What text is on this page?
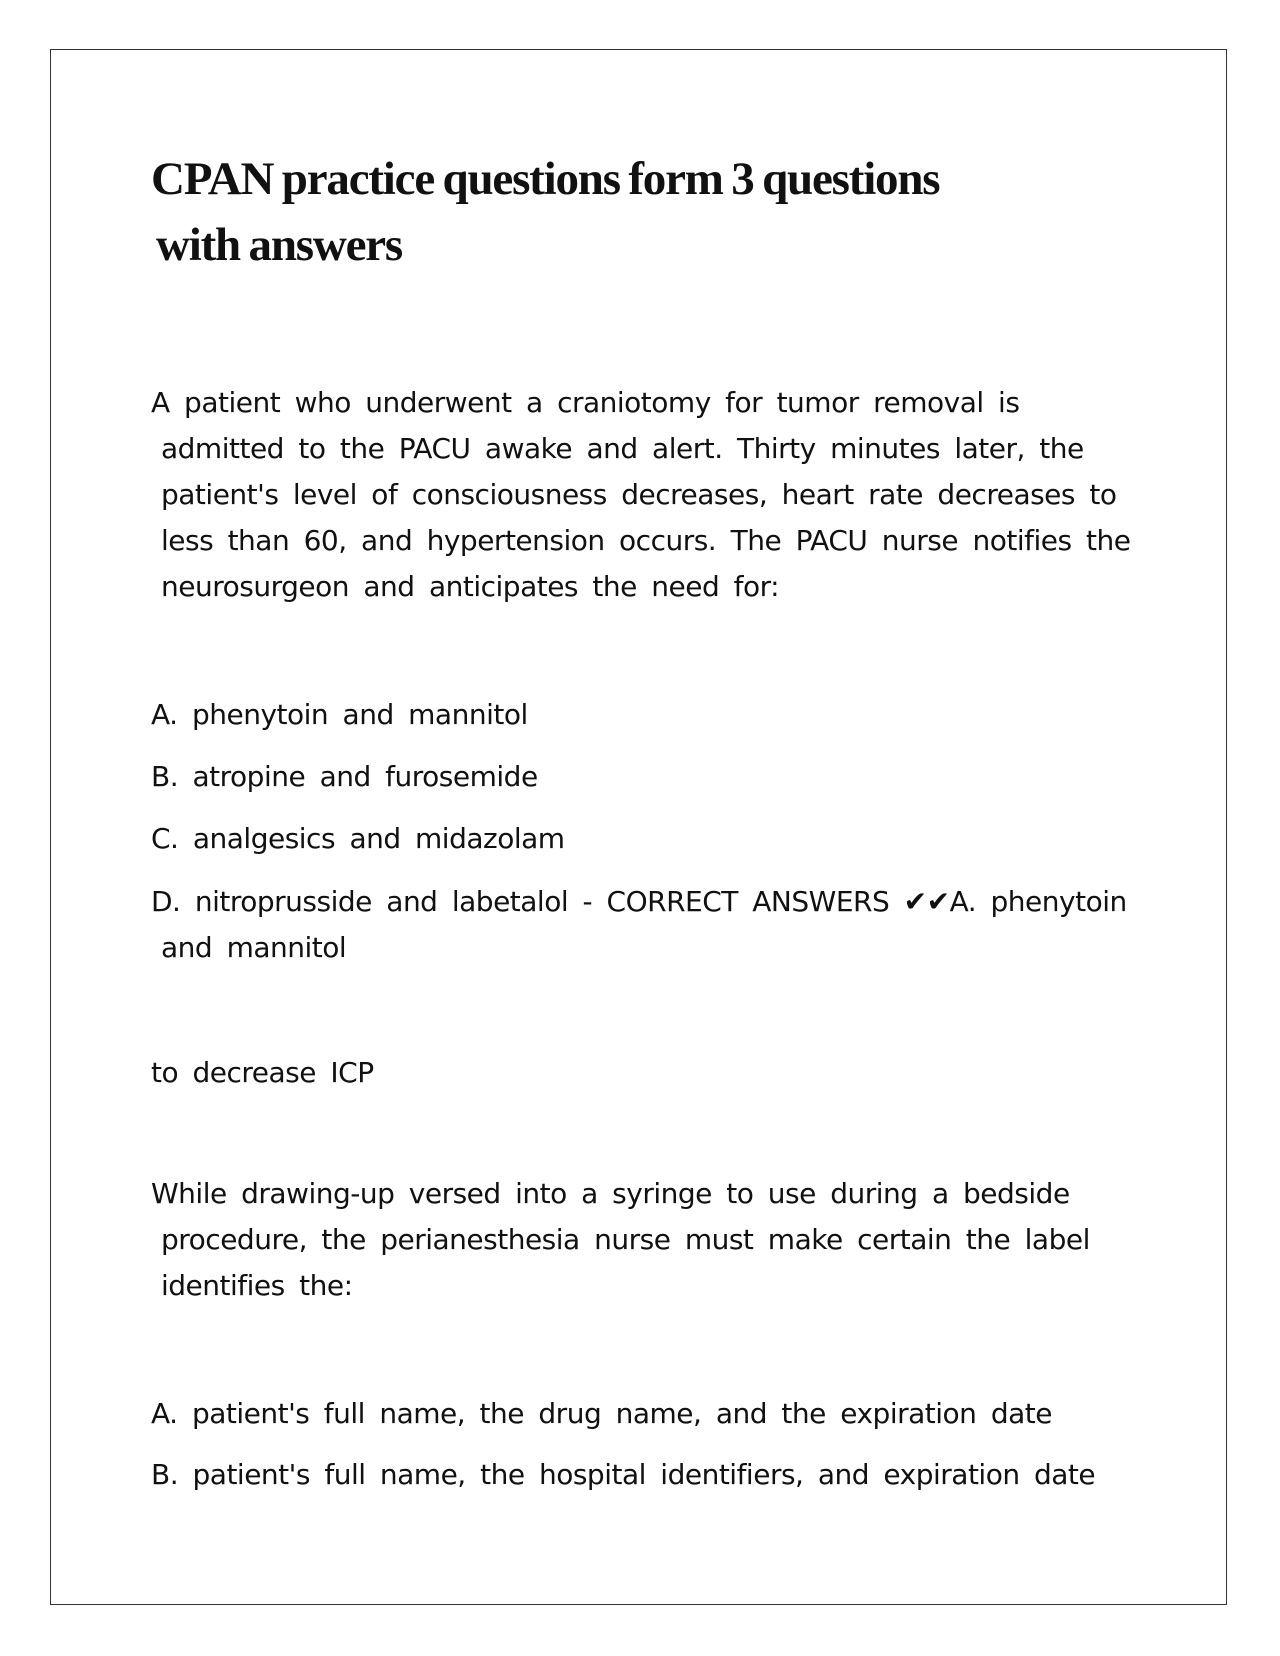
CPAN practice questions form 3 questions
with answers

A patient who underwent a craniotomy for tumor removal is
admitted to the PACU awake and alert. Thirty minutes later, the
patient's level of consciousness decreases, heart rate decreases to
less than 60, and hypertension occurs. The PACU nurse notifies the
neurosurgeon and anticipates the need for:

A. phenytoin and mannitol

B. atropine and furosemide

C. analgesics and midazolam

D. nitroprusside and labetalol - CORRECT ANSWERS ✔✔A. phenytoin
and mannitol

to decrease ICP

While drawing-up versed into a syringe to use during a bedside
procedure, the perianesthesia nurse must make certain the label
identifies the:

A. patient's full name, the drug name, and the expiration date

B. patient's full name, the hospital identifiers, and expiration date
